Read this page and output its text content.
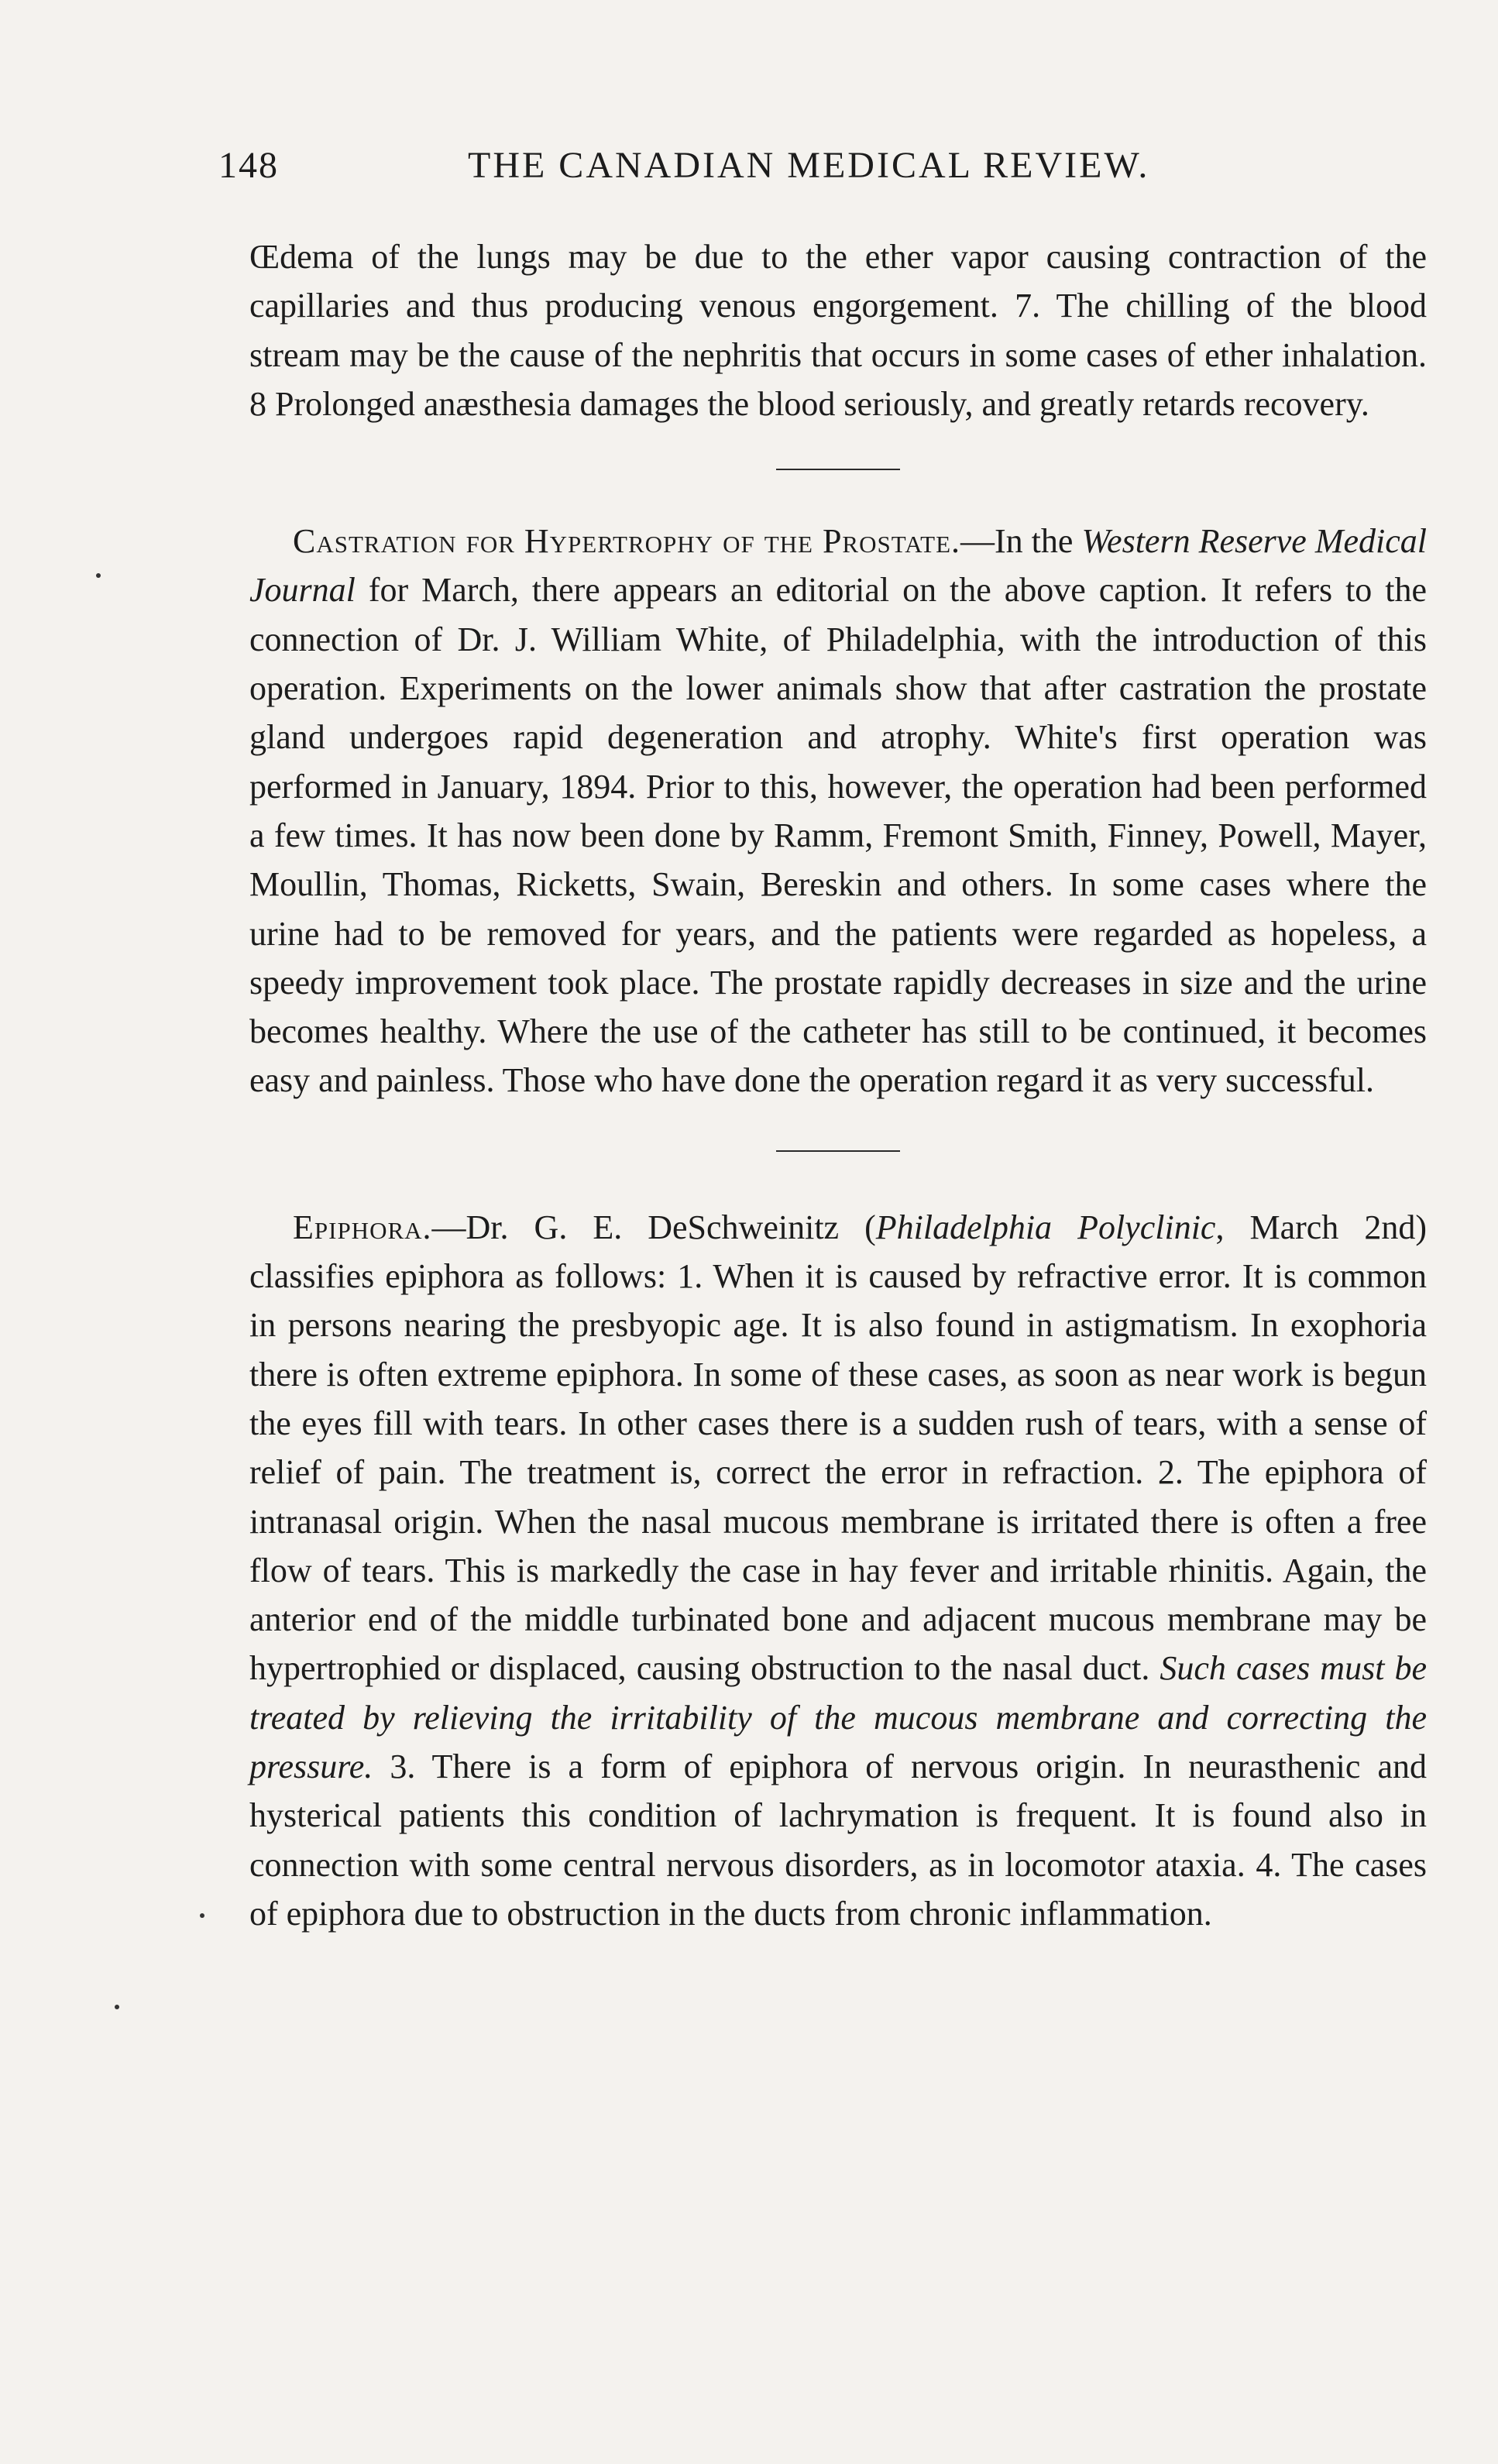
148	THE CANADIAN MEDICAL REVIEW.

Œdema of the lungs may be due to the ether vapor causing contraction of the capillaries and thus producing venous engorgement. 7. The chilling of the blood stream may be the cause of the nephritis that occurs in some cases of ether inhalation. 8 Prolonged anæsthesia damages the blood seriously, and greatly retards recovery.

Castration for Hypertrophy of the Prostate.—In the Western Reserve Medical Journal for March, there appears an editorial on the above caption. It refers to the connection of Dr. J. William White, of Philadelphia, with the introduction of this operation. Experiments on the lower animals show that after castration the prostate gland undergoes rapid degeneration and atrophy. White's first operation was performed in January, 1894. Prior to this, however, the operation had been performed a few times. It has now been done by Ramm, Fremont Smith, Finney, Powell, Mayer, Moullin, Thomas, Ricketts, Swain, Bereskin and others. In some cases where the urine had to be removed for years, and the patients were regarded as hopeless, a speedy improvement took place. The prostate rapidly decreases in size and the urine becomes healthy. Where the use of the catheter has still to be continued, it becomes easy and painless. Those who have done the operation regard it as very successful.

Epiphora.—Dr. G. E. DeSchweinitz (Philadelphia Polyclinic, March 2nd) classifies epiphora as follows: 1. When it is caused by refractive error. It is common in persons nearing the presbyopic age. It is also found in astigmatism. In exophoria there is often extreme epiphora. In some of these cases, as soon as near work is begun the eyes fill with tears. In other cases there is a sudden rush of tears, with a sense of relief of pain. The treatment is, correct the error in refraction. 2. The epiphora of intranasal origin. When the nasal mucous membrane is irritated there is often a free flow of tears. This is markedly the case in hay fever and irritable rhinitis. Again, the anterior end of the middle turbinated bone and adjacent mucous membrane may be hypertrophied or displaced, causing obstruction to the nasal duct. Such cases must be treated by relieving the irritability of the mucous membrane and correcting the pressure. 3. There is a form of epiphora of nervous origin. In neurasthenic and hysterical patients this condition of lachrymation is frequent. It is found also in connection with some central nervous disorders, as in locomotor ataxia. 4. The cases of epiphora due to obstruction in the ducts from chronic inflammation.
